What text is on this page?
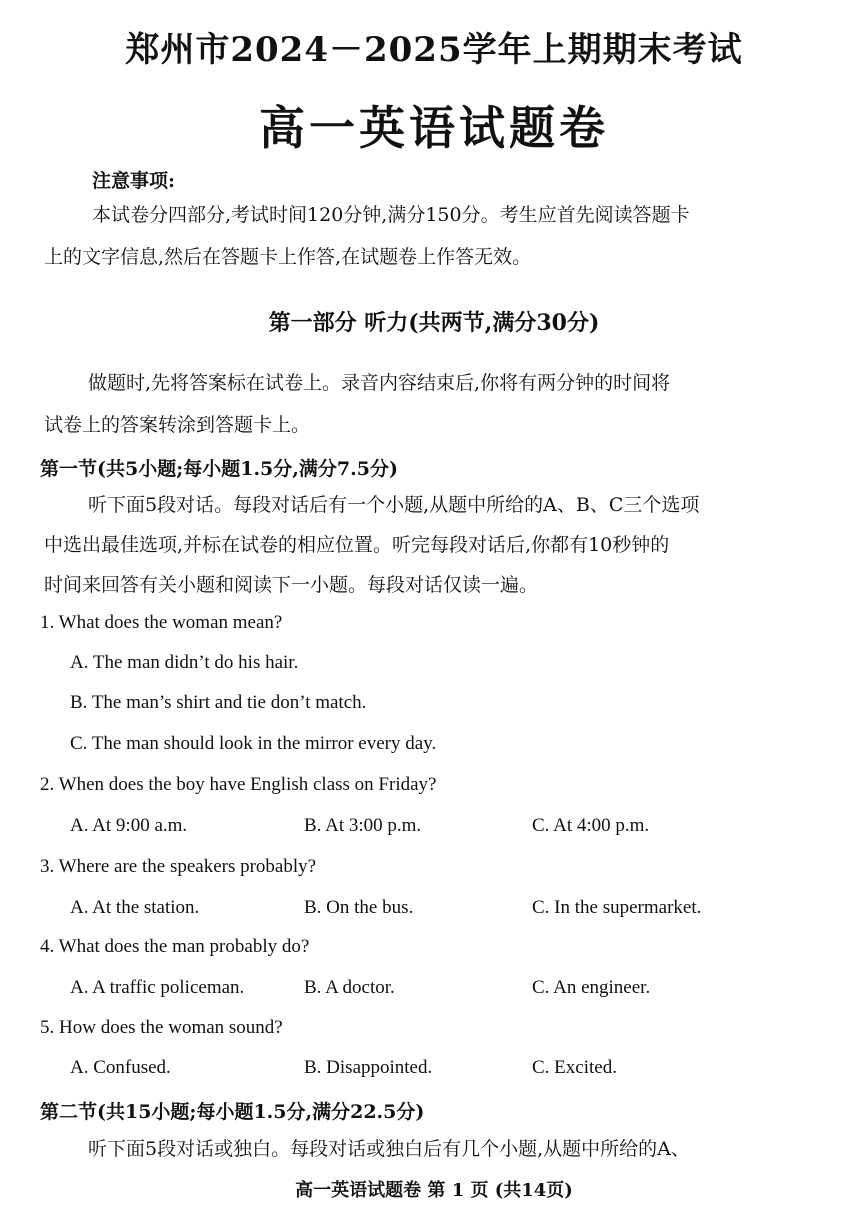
郑州市2024－2025学年上期期末考试
高一英语试题卷
注意事项:
本试卷分四部分,考试时间120分钟,满分150分。考生应首先阅读答题卡
上的文字信息,然后在答题卡上作答,在试题卷上作答无效。
第一部分 听力(共两节,满分30分)
做题时,先将答案标在试卷上。录音内容结束后,你将有两分钟的时间将
试卷上的答案转涂到答题卡上。
第一节(共5小题;每小题1.5分,满分7.5分)
听下面5段对话。每段对话后有一个小题,从题中所给的A、B、C三个选项
中选出最佳选项,并标在试卷的相应位置。听完每段对话后,你都有10秒钟的
时间来回答有关小题和阅读下一小题。每段对话仅读一遍。
1. What does the woman mean?
A. The man didn’t do his hair.
B. The man’s shirt and tie don’t match.
C. The man should look in the mirror every day.
2. When does the boy have English class on Friday?
A. At 9:00 a.m.	B. At 3:00 p.m.	C. At 4:00 p.m.
3. Where are the speakers probably?
A. At the station.	B. On the bus.	C. In the supermarket.
4. What does the man probably do?
A. A traffic policeman.	B. A doctor.	C. An engineer.
5. How does the woman sound?
A. Confused.	B. Disappointed.	C. Excited.
第二节(共15小题;每小题1.5分,满分22.5分)
听下面5段对话或独白。每段对话或独白后有几个小题,从题中所给的A、
高一英语试题卷 第 1 页 (共14页)
